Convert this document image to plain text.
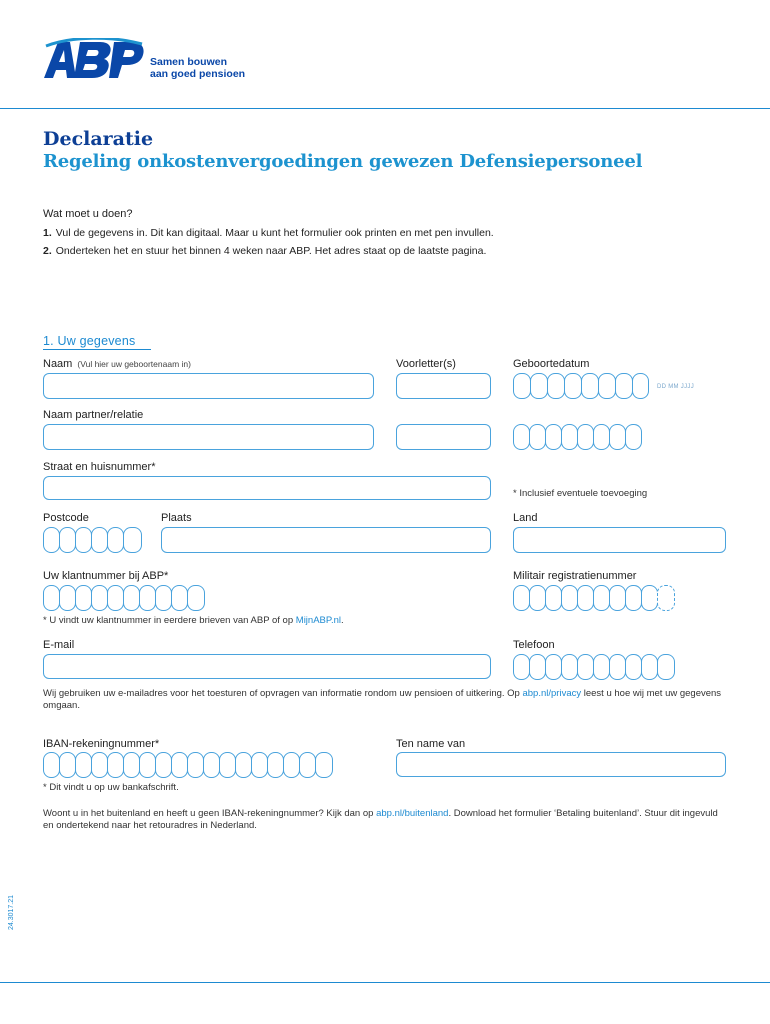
Samen bouwen
aan goed pensioen
Declaratie
Regeling onkostenvergoedingen gewezen Defensiepersoneel
Wat moet u doen?
1. Vul de gegevens in. Dit kan digitaal. Maar u kunt het formulier ook printen en met pen invullen.
2. Onderteken het en stuur het binnen 4 weken naar ABP. Het adres staat op de laatste pagina.
1. Uw gegevens
Naam (Vul hier uw geboortenaam in)	Voorletter(s)	Geboortedatum
DD MM JJJJ
Naam partner/relatie
Straat en huisnummer*
* Inclusief eventuele toevoeging
Postcode	Plaats	Land
Uw klantnummer bij ABP*	Militair registratienummer
* U vindt uw klantnummer in eerdere brieven van ABP of op MijnABP.nl.
E-mail	Telefoon
Wij gebruiken uw e-mailadres voor het toesturen of opvragen van informatie rondom uw pensioen of uitkering. Op abp.nl/privacy leest u hoe wij met uw gegevens omgaan.
IBAN-rekeningnummer*	Ten name van
* Dit vindt u op uw bankafschrift.
Woont u in het buitenland en heeft u geen IBAN-rekeningnummer? Kijk dan op abp.nl/buitenland. Download het formulier ‘Betaling buitenland’. Stuur dit ingevuld en ondertekend naar het retouradres in Nederland.
24.3017.21
